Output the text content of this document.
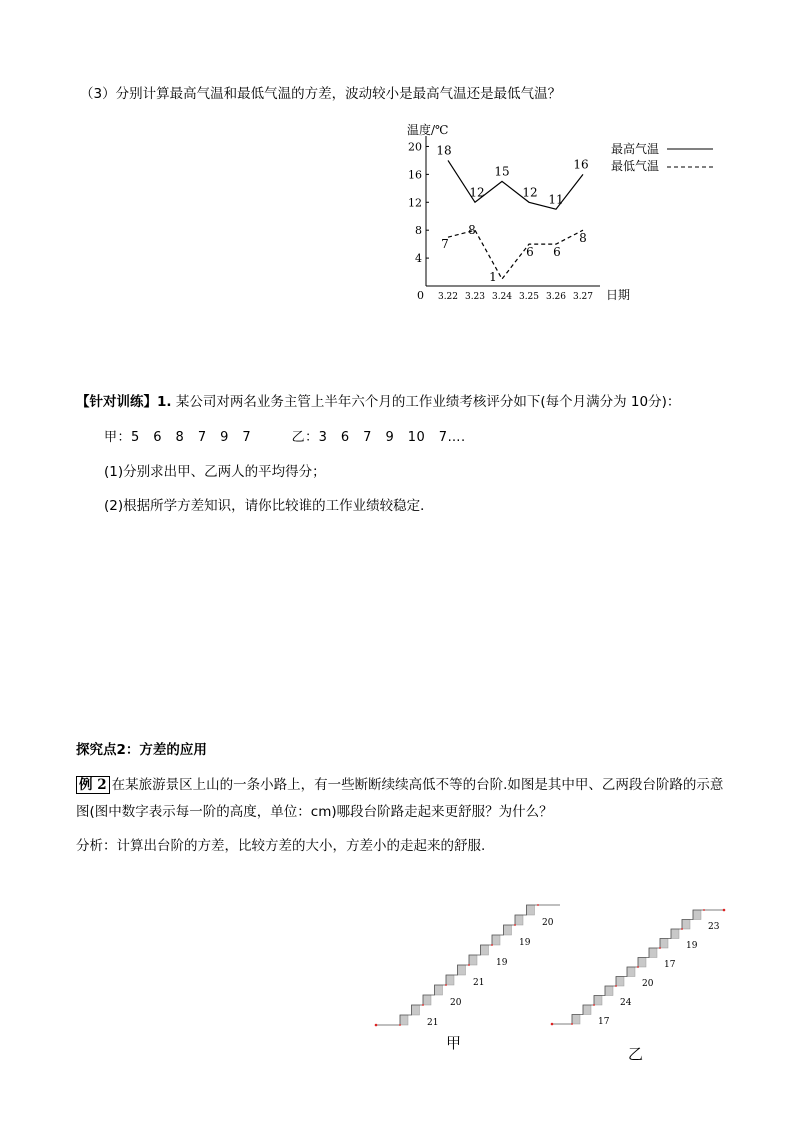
（3）分别计算最高气温和最低气温的方差，波动较小是最高气温还是最低气温？
温度/℃
日期
0
4
8
12
16
20
3.22 3.23 3.24 3.25 3.26 3.27
18
12
15
12 11
16
7
8
1
6 6
8
最高气温
最低气温
【针对训练】1. 某公司对两名业务主管上半年六个月的工作业绩考核评分如下(每个月满分为 10分)：
甲：5　6　8　7　9　7　　　乙：3　6　7　9　10　7….
(1)分别求出甲、乙两人的平均得分；
(2)根据所学方差知识，请你比较谁的工作业绩较稳定．
探究点2：方差的应用
例 2 在某旅游景区上山的一条小路上，有一些断断续续高低不等的台阶.如图是其中甲、乙两段台阶路的示意图(图中数字表示每一阶的高度，单位：cm)哪段台阶路走起来更舒服？为什么？
分析：计算出台阶的方差，比较方差的大小，方差小的走起来的舒服.
21
20
21
19
19
20
17
24
20
17
19
23
甲
乙
